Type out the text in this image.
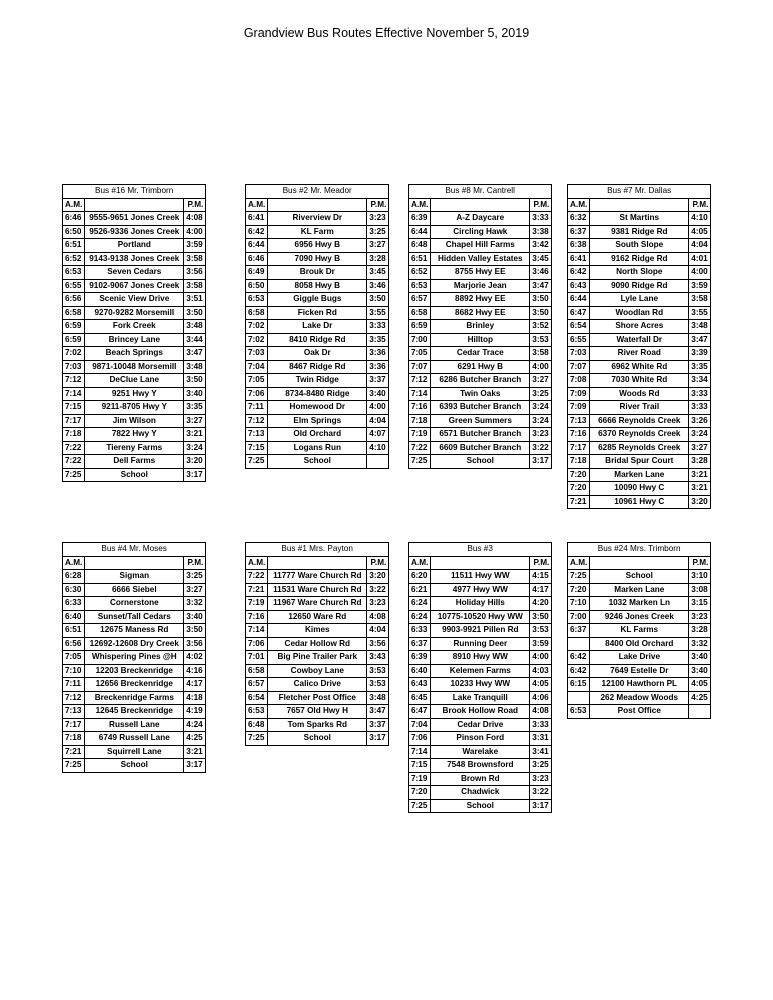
Grandview Bus Routes Effective November 5, 2019
Bus #16 Mr. Trimborn		
A.M.		P.M.
6:46	9555-9651 Jones Creek	4:08
6:50	9526-9336 Jones Creek	4:00
6:51	Portland	3:59
6:52	9143-9138 Jones Creek	3:58
6:53	Seven Cedars	3:56
6:55	9102-9067 Jones Creek	3:58
6:56	Scenic View Drive	3:51
6:58	9270-9282 Morsemill	3:50
6:59	Fork Creek	3:48
6:59	Brincey Lane	3:44
7:02	Beach Springs	3:47
7:03	9871-10048 Morsemill	3:48
7:12	DeClue Lane	3:50
7:14	9251 Hwy Y	3:40
7:15	9211-8705 Hwy Y	3:35
7:17	Jim Wilson	3:27
7:18	7822 Hwy Y	3:21
7:22	Tiereny Farms	3:24
7:22	Dell Farms	3:20
7:25	School	3:17
Bus #2 Mr. Meador		
A.M.		P.M.
6:41	Riverview Dr	3:23
6:42	KL Farm	3:25
6:44	6956 Hwy B	3:27
6:46	7090 Hwy B	3:28
6:49	Brouk Dr	3:45
6:50	8058 Hwy B	3:46
6:53	Giggle Bugs	3:50
6:58	Ficken Rd	3:55
7:02	Lake Dr	3:33
7:02	8410 Ridge Rd	3:35
7:03	Oak Dr	3:36
7:04	8467 Ridge Rd	3:36
7:05	Twin Ridge	3:37
7:06	8734-8480 Ridge	3:40
7:11	Homewood Dr	4:00
7:12	Elm Springs	4:04
7:13	Old Orchard	4:07
7:15	Logans Run	4:10
7:25	School	
Bus #8 Mr. Cantrell		
A.M.		P.M.
6:39	A-Z Daycare	3:33
6:44	Circling Hawk	3:38
6:48	Chapel Hill Farms	3:42
6:51	Hidden Valley Estates	3:45
6:52	8755 Hwy EE	3:46
6:53	Marjorie Jean	3:47
6:57	8892 Hwy EE	3:50
6:58	8682 Hwy EE	3:50
6:59	Brinley	3:52
7:00	Hilltop	3:53
7:05	Cedar Trace	3:58
7:07	6291 Hwy B	4:00
7:12	6286 Butcher Branch	3:27
7:14	Twin Oaks	3:25
7:16	6393 Butcher Branch	3:24
7:18	Green Summers	3:24
7:19	6571 Butcher Branch	3:23
7:22	6609 Butcher Branch	3:22
7:25	School	3:17
Bus #7 Mr. Dallas		
A.M.		P.M.
6:32	St Martins	4:10
6:37	9381 Ridge Rd	4:05
6:38	South Slope	4:04
6:41	9162 Ridge Rd	4:01
6:42	North Slope	4:00
6:43	9090 Ridge Rd	3:59
6:44	Lyle Lane	3:58
6:47	Woodlan Rd	3:55
6:54	Shore Acres	3:48
6:55	Waterfall Dr	3:47
7:03	River Road	3:39
7:07	6962 White Rd	3:35
7:08	7030 White Rd	3:34
7:09	Woods Rd	3:33
7:09	River Trail	3:33
7:13	6666 Reynolds Creek	3:26
7:16	6370 Reynolds Creek	3:24
7:17	6285 Reynolds Creek	3:27
7:18	Bridal Spur Court	3:28
7:20	Marken Lane	3:21
7:20	10090 Hwy C	3:21
7:21	10961 Hwy C	3:20
Bus #4 Mr. Moses		
A.M.		P.M.
6:28	Sigman	3:25
6:30	6666 Siebel	3:27
6:33	Cornerstone	3:32
6:40	Sunset/Tall Cedars	3:40
6:51	12675 Maness Rd	3:50
6:56	12692-12608 Dry Creek	3:56
7:05	Whispering Pines @H	4:02
7:10	12203 Breckenridge	4:16
7:11	12656 Breckenridge	4:17
7:12	Breckenridge Farms	4:18
7:13	12645 Breckenridge	4:19
7:17	Russell Lane	4:24
7:18	6749 Russell Lane	4:25
7:21	Squirrell Lane	3:21
7:25	School	3:17
Bus #1 Mrs. Payton		
A.M.		P.M.
7:22	11777 Ware Church Rd	3:20
7:21	11531 Ware Church Rd	3:22
7:19	11967 Ware Church Rd	3:23
7:16	12650 Ware Rd	4:08
7:14	Kimes	4:04
7:06	Cedar Hollow Rd	3:56
7:01	Big Pine Trailer Park	3:43
6:58	Cowboy Lane	3:53
6:57	Calico Drive	3:53
6:54	Fletcher Post Office	3:48
6:53	7657 Old Hwy H	3:47
6:48	Tom Sparks Rd	3:37
7:25	School	3:17
Bus #3		
A.M.		P.M.
6:20	11511 Hwy WW	4:15
6:21	4977 Hwy WW	4:17
6:24	Holiday Hills	4:20
6:24	10775-10520 Hwy WW	3:50
6:33	9903-9921 Pillen Rd	3:53
6:37	Running Deer	3:59
6:39	8910 Hwy WW	4:00
6:40	Kelemen Farms	4:03
6:43	10233 Hwy WW	4:05
6:45	Lake Tranquill	4:06
6:47	Brook Hollow Road	4:08
7:04	Cedar Drive	3:33
7:06	Pinson Ford	3:31
7:14	Warelake	3:41
7:15	7548 Brownsford	3:25
7:19	Brown Rd	3:23
7:20	Chadwick	3:22
7:25	School	3:17
Bus #24 Mrs. Trimborn		
A.M.		P.M.
7:25	School	3:10
7:20	Marken Lane	3:08
7:10	1032 Marken Ln	3:15
7:00	9246 Jones Creek	3:23
6:37	KL Farms	3:28
	8400 Old Orchard	3:32
6:42	Lake Drive	3:40
6:42	7649 Estelle Dr	3:40
6:15	12100 Hawthorn PL	4:05
	262 Meadow Woods	4:25
6:53	Post Office	
